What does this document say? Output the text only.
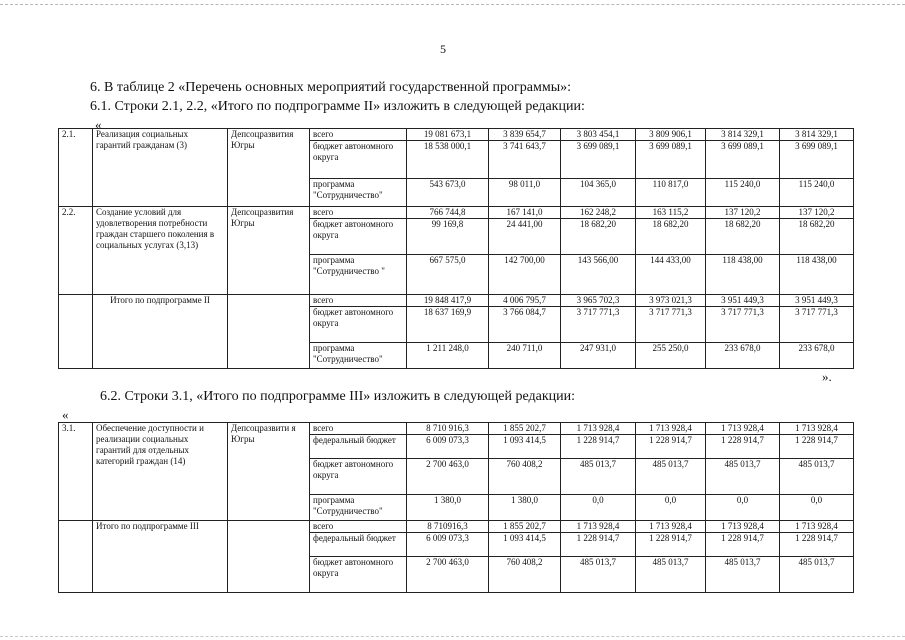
5
6. В таблице 2 «Перечень основных мероприятий государственной программы»:
6.1. Строки 2.1, 2.2, «Итого по подпрограмме II» изложить в следующей редакции:
«
2.1.	Реализация социальных гарантий гражданам (3)	Депсоцразвития Югры	всего	19 081 673,1	3 839 654,7	3 803 454,1	3 809 906,1	3 814 329,1	3 814 329,1
			бюджет автономного округа	18 538 000,1	3 741 643,7	3 699 089,1	3 699 089,1	3 699 089,1	3 699 089,1
			программа "Сотрудничество"	543 673,0	98 011,0	104 365,0	110 817,0	115 240,0	115 240,0
2.2.	Создание условий для удовлетворения потребности граждан старшего поколения в социальных услугах (3,13)	Депсоцразвития Югры	всего	766 744,8	167 141,0	162 248,2	163 115,2	137 120,2	137 120,2
			бюджет автономного округа	99 169,8	24 441,00	18 682,20	18 682,20	18 682,20	18 682,20
			программа "Сотрудничество "	667 575,0	142 700,00	143 566,00	144 433,00	118 438,00	118 438,00
	Итого по подпрограмме II		всего	19 848 417,9	4 006 795,7	3 965 702,3	3 973 021,3	3 951 449,3	3 951 449,3
			бюджет автономного округа	18 637 169,9	3 766 084,7	3 717 771,3	3 717 771,3	3 717 771,3	3 717 771,3
			программа "Сотрудничество"	1 211 248,0	240 711,0	247 931,0	255 250,0	233 678,0	233 678,0
».
6.2. Строки 3.1, «Итого по подпрограмме III» изложить в следующей редакции:
«
3.1.	Обеспечение доступности и реализации социальных гарантий для отдельных категорий граждан (14)	Депсоцразвити я Югры	всего	8 710 916,3	1 855 202,7	1 713 928,4	1 713 928,4	1 713 928,4	1 713 928,4
			федеральный бюджет	6 009 073,3	1 093 414,5	1 228 914,7	1 228 914,7	1 228 914,7	1 228 914,7
			бюджет автономного округа	2 700 463,0	760 408,2	485 013,7	485 013,7	485 013,7	485 013,7
			программа "Сотрудничество"	1 380,0	1 380,0	0,0	0,0	0,0	0,0
	Итого по подпрограмме III		всего	8 710916,3	1 855 202,7	1 713 928,4	1 713 928,4	1 713 928,4	1 713 928,4
			федеральный бюджет	6 009 073,3	1 093 414,5	1 228 914,7	1 228 914,7	1 228 914,7	1 228 914,7
			бюджет автономного округа	2 700 463,0	760 408,2	485 013,7	485 013,7	485 013,7	485 013,7
